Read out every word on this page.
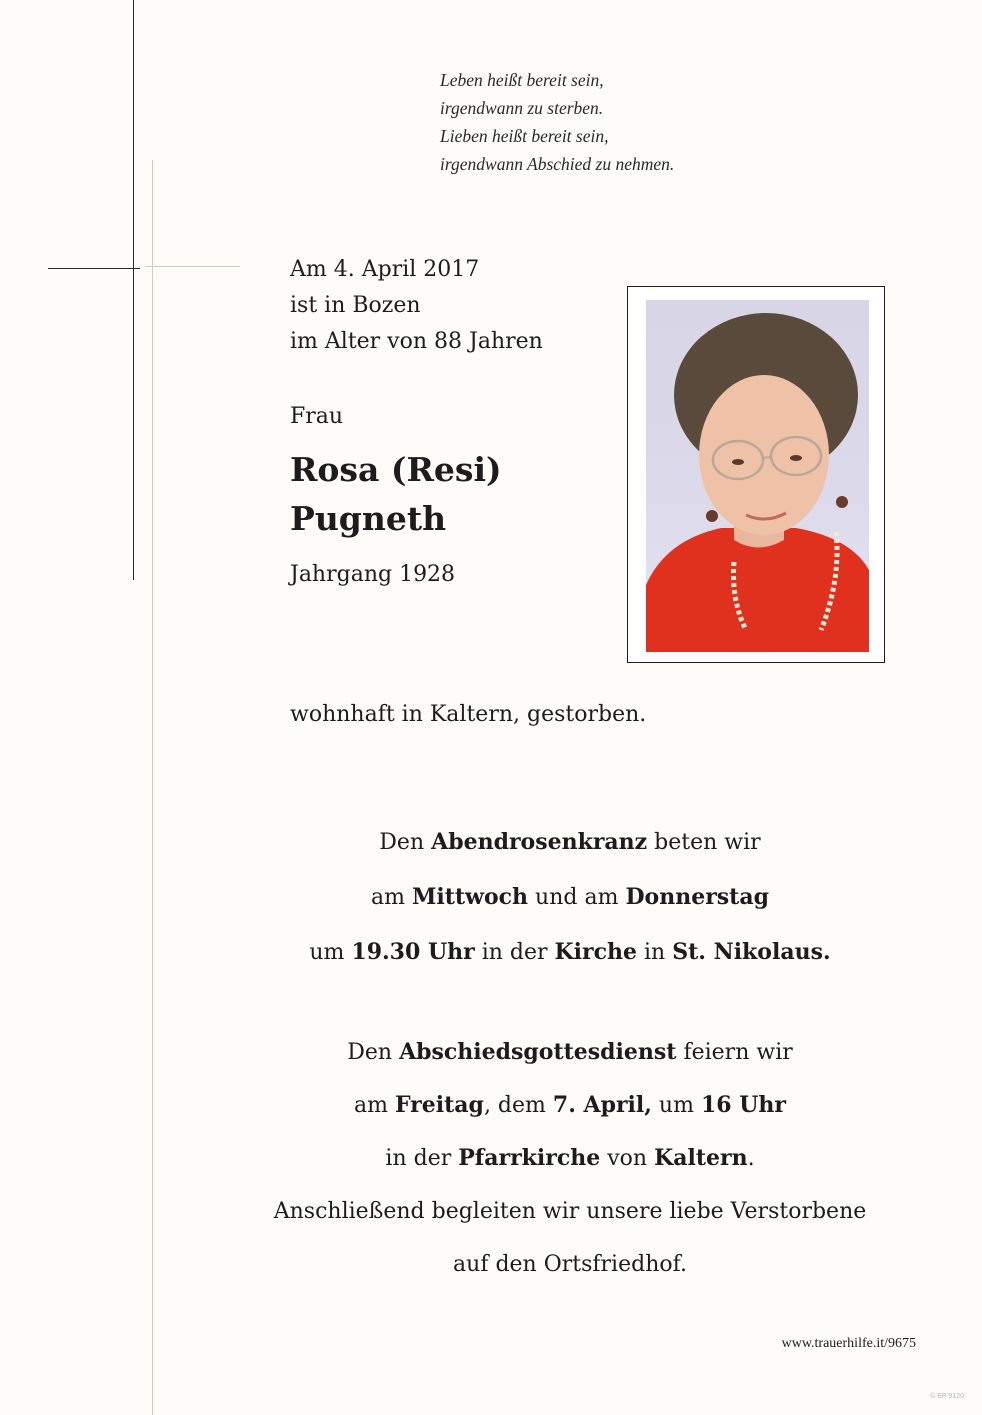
Leben heißt bereit sein,
irgendwann zu sterben.
Lieben heißt bereit sein,
irgendwann Abschied zu nehmen.
Am 4. April 2017
ist in Bozen
im Alter von 88 Jahren
Frau
Rosa (Resi)
Pugneth
Jahrgang 1928
wohnhaft in Kaltern, gestorben.
Den Abendrosenkranz beten wir
am Mittwoch und am Donnerstag
um 19.30 Uhr in der Kirche in St. Nikolaus.
Den Abschiedsgottesdienst feiern wir
am Freitag, dem 7. April, um 16 Uhr
in der Pfarrkirche von Kaltern.
Anschließend begleiten wir unsere liebe Verstorbene
auf den Ortsfriedhof.
www.trauerhilfe.it/9675
© EP 9120
